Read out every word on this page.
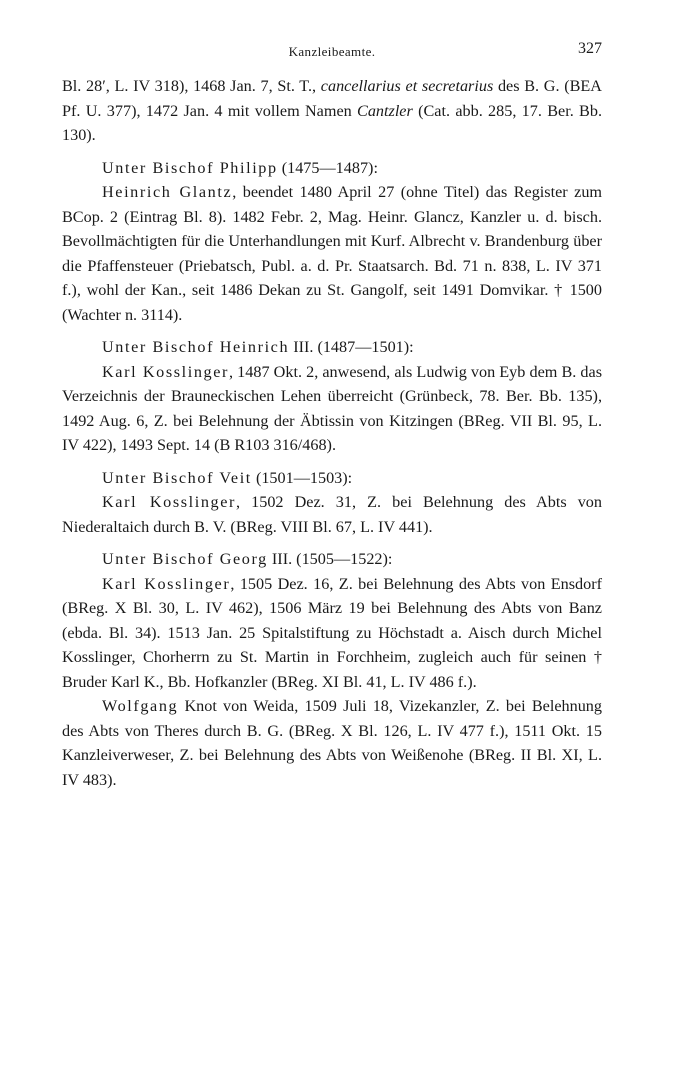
Kanzleibeamte.	327

Bl. 28′, L. IV 318), 1468 Jan. 7, St. T., cancellarius et secretarius des B. G. (BEA Pf. U. 377), 1472 Jan. 4 mit vollem Namen Cantzler (Cat. abb. 285, 17. Ber. Bb. 130).

Unter Bischof Philipp (1475—1487):

Heinrich Glantz, beendet 1480 April 27 (ohne Titel) das Register zum BCop. 2 (Eintrag Bl. 8). 1482 Febr. 2, Mag. Heinr. Glancz, Kanzler u. d. bisch. Bevollmächtigten für die Unterhandlungen mit Kurf. Albrecht v. Brandenburg über die Pfaffensteuer (Priebatsch, Publ. a. d. Pr. Staatsarch. Bd. 71 n. 838, L. IV 371 f.), wohl der Kan., seit 1486 Dekan zu St. Gangolf, seit 1491 Domvikar. † 1500 (Wachter n. 3114).

Unter Bischof Heinrich III. (1487—1501):

Karl Kosslinger, 1487 Okt. 2, anwesend, als Ludwig von Eyb dem B. das Verzeichnis der Brauneckischen Lehen überreicht (Grünbeck, 78. Ber. Bb. 135), 1492 Aug. 6, Z. bei Belehnung der Äbtissin von Kitzingen (BReg. VII Bl. 95, L. IV 422), 1493 Sept. 14 (B R103 316/468).

Unter Bischof Veit (1501—1503):

Karl Kosslinger, 1502 Dez. 31, Z. bei Belehnung des Abts von Niederaltaich durch B. V. (BReg. VIII Bl. 67, L. IV 441).

Unter Bischof Georg III. (1505—1522):

Karl Kosslinger, 1505 Dez. 16, Z. bei Belehnung des Abts von Ensdorf (BReg. X Bl. 30, L. IV 462), 1506 März 19 bei Belehnung des Abts von Banz (ebda. Bl. 34). 1513 Jan. 25 Spitalstiftung zu Höchstadt a. Aisch durch Michel Kosslinger, Chorherrn zu St. Martin in Forchheim, zugleich auch für seinen † Bruder Karl K., Bb. Hofkanzler (BReg. XI Bl. 41, L. IV 486 f.).

Wolfgang Knot von Weida, 1509 Juli 18, Vizekanzler, Z. bei Belehnung des Abts von Theres durch B. G. (BReg. X Bl. 126, L. IV 477 f.), 1511 Okt. 15 Kanzleiverweser, Z. bei Belehnung des Abts von Weißenohe (BReg. II Bl. XI, L. IV 483).
